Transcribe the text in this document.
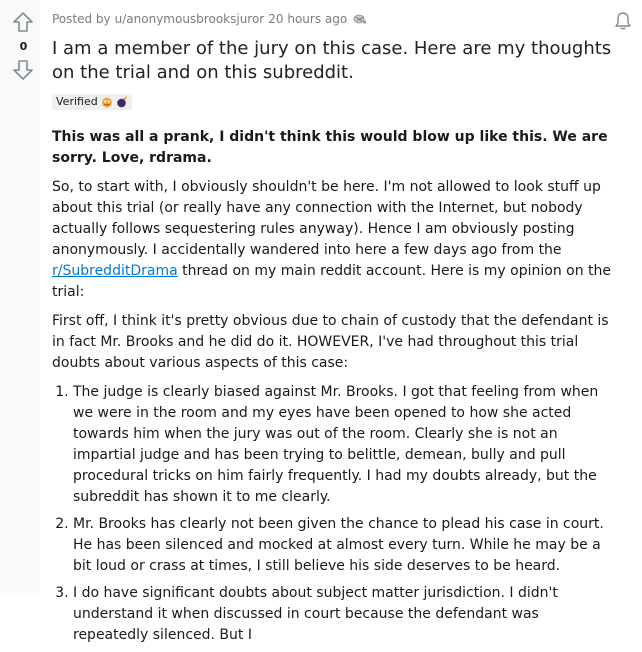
0
Posted by u/anonymousbrooksjuror 20 hours ago
I am a member of the jury on this case. Here are my thoughts on the trial and on this subreddit.
Verified

This was all a prank, I didn't think this would blow up like this. We are sorry. Love, rdrama.

So, to start with, I obviously shouldn't be here. I'm not allowed to look stuff up about this trial (or really have any connection with the Internet, but nobody actually follows sequestering rules anyway). Hence I am obviously posting anonymously. I accidentally wandered into here a few days ago from the r/SubredditDrama thread on my main reddit account. Here is my opinion on the trial:

First off, I think it's pretty obvious due to chain of custody that the defendant is in fact Mr. Brooks and he did do it. HOWEVER, I've had throughout this trial doubts about various aspects of this case:

1. The judge is clearly biased against Mr. Brooks. I got that feeling from when we were in the room and my eyes have been opened to how she acted towards him when the jury was out of the room. Clearly she is not an impartial judge and has been trying to belittle, demean, bully and pull procedural tricks on him fairly frequently. I had my doubts already, but the subreddit has shown it to me clearly.
2. Mr. Brooks has clearly not been given the chance to plead his case in court. He has been silenced and mocked at almost every turn. While he may be a bit loud or crass at times, I still believe his side deserves to be heard.
3. I do have significant doubts about subject matter jurisdiction. I didn't understand it when discussed in court because the defendant was repeatedly silenced. But I
